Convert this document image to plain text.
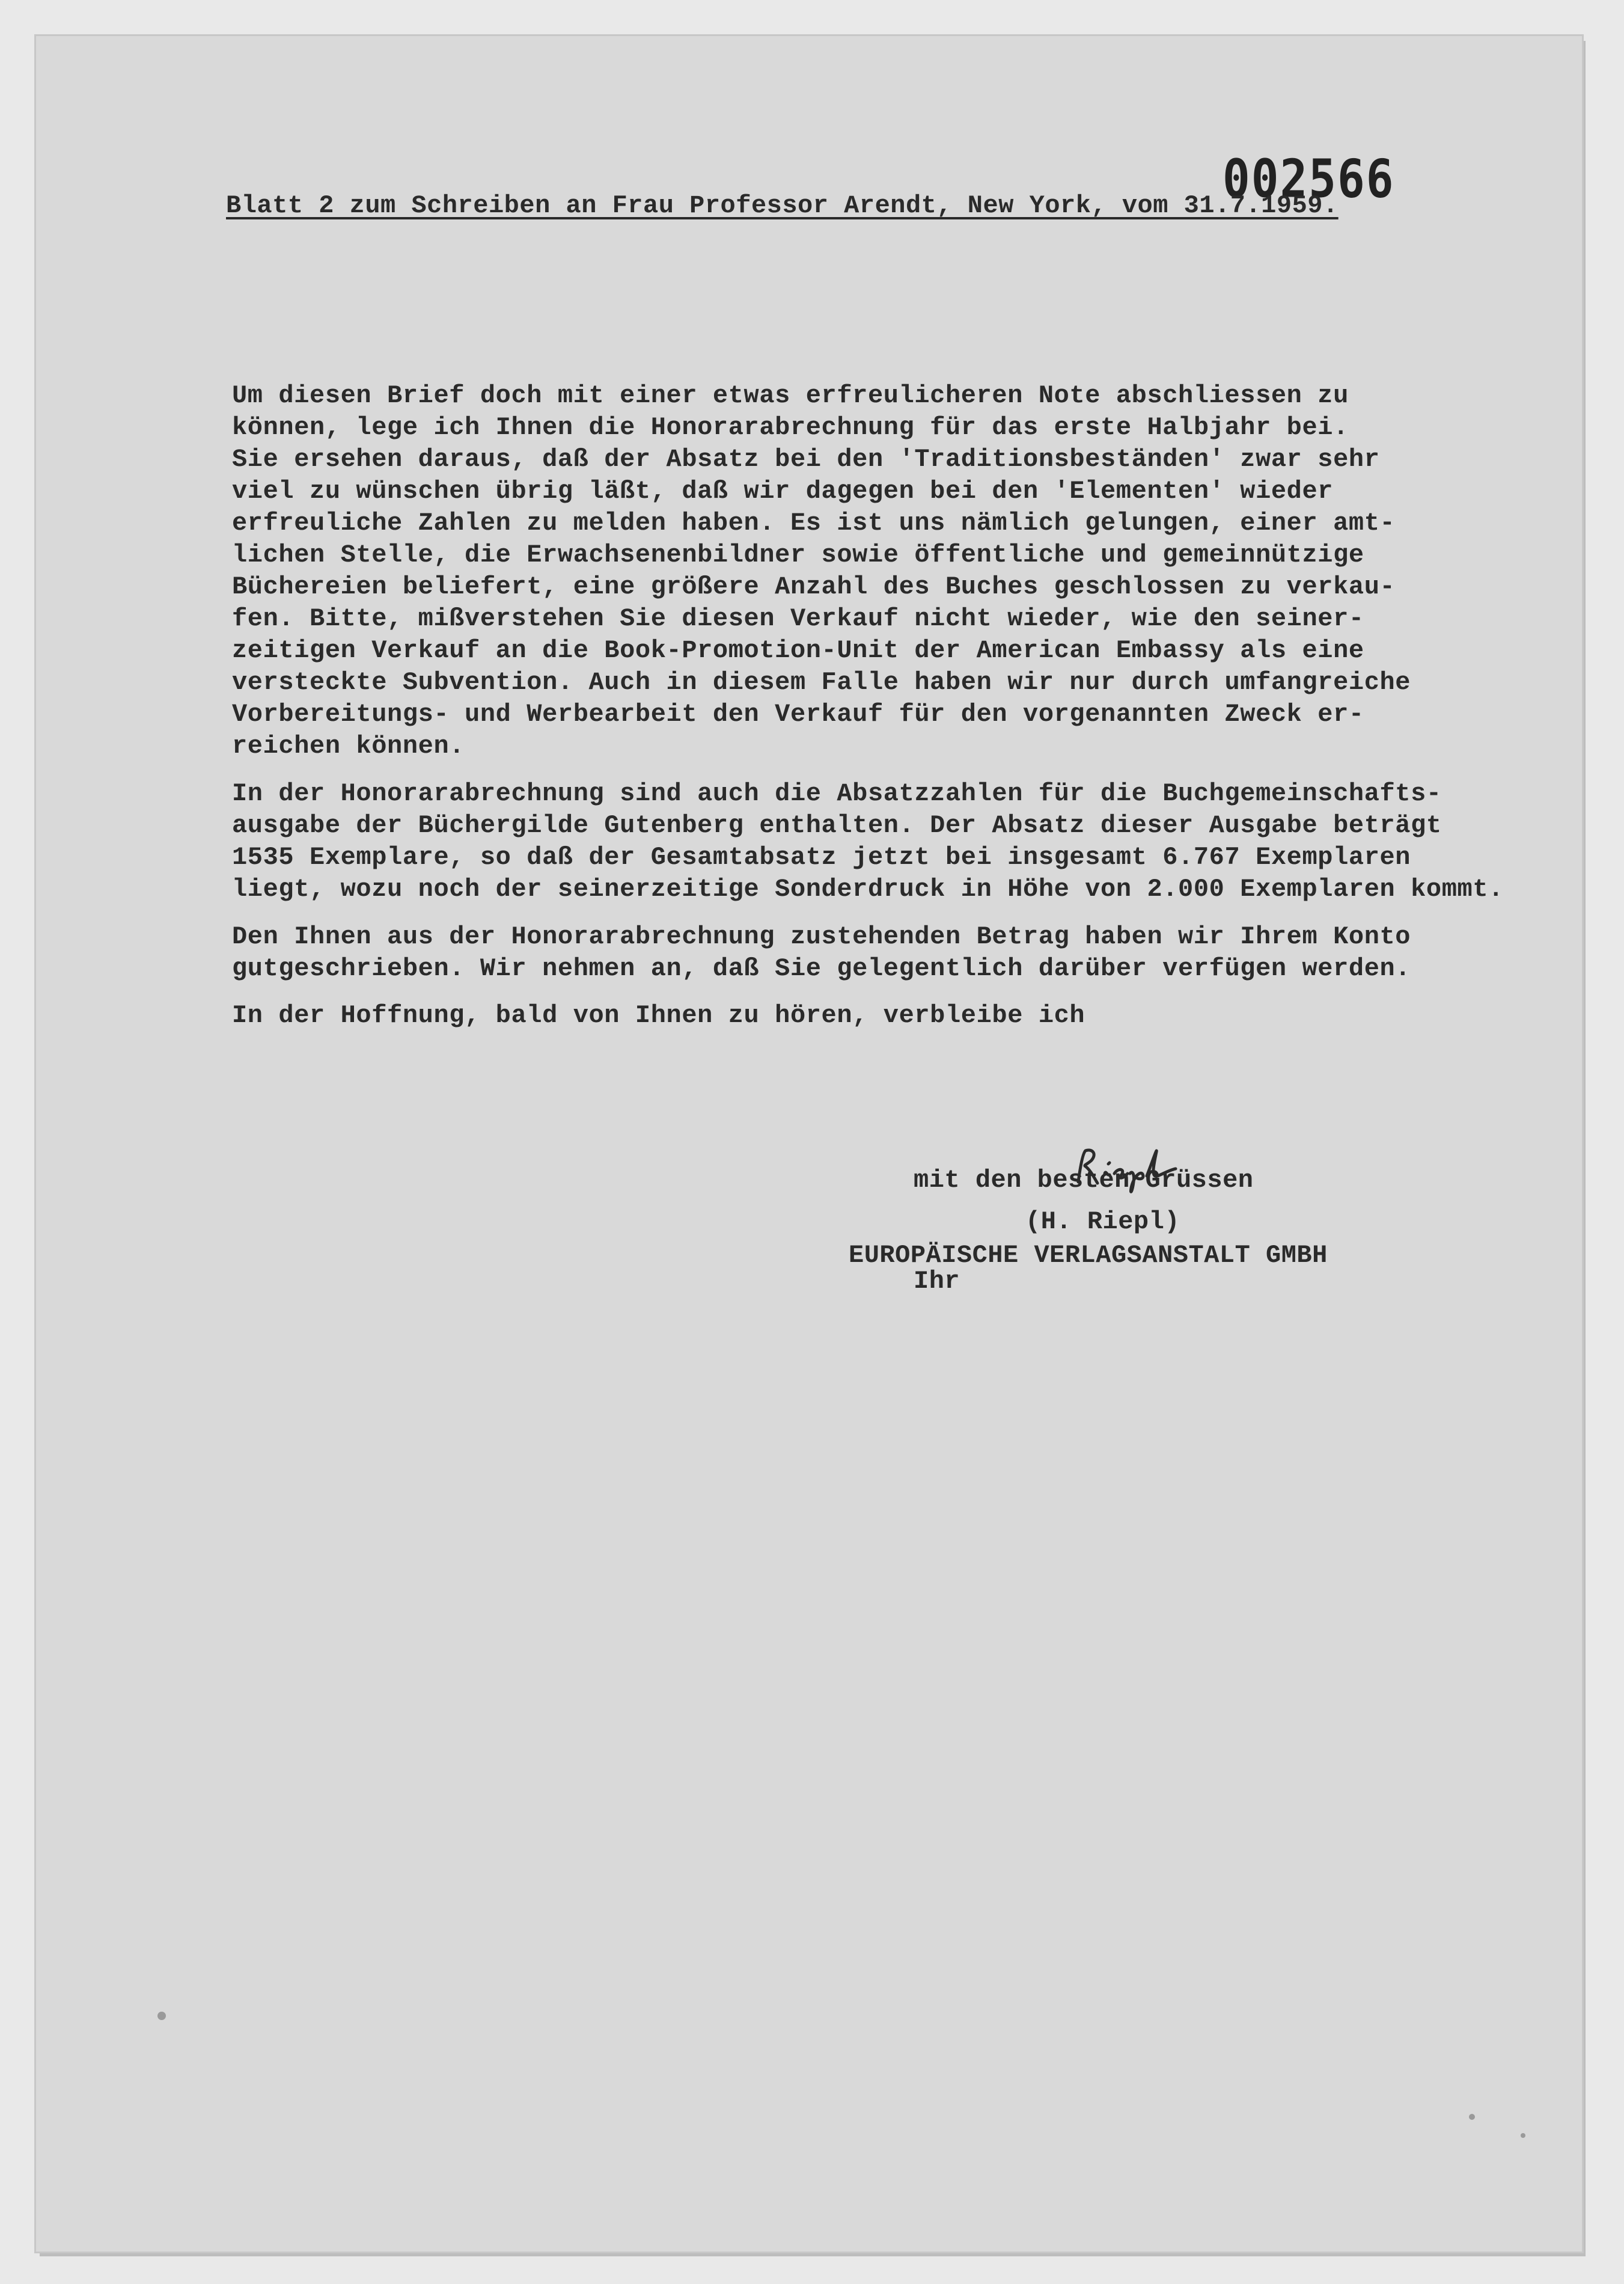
002566
Blatt 2 zum Schreiben an Frau Professor Arendt, New York, vom 31.7.1959.
Um diesen Brief doch mit einer etwas erfreulicheren Note abschliessen zu
können, lege ich Ihnen die Honorarabrechnung für das erste Halbjahr bei.
Sie ersehen daraus, daß der Absatz bei den 'Traditionsbeständen' zwar sehr
viel zu wünschen übrig läßt, daß wir dagegen bei den 'Elementen' wieder
erfreuliche Zahlen zu melden haben. Es ist uns nämlich gelungen, einer amt-
lichen Stelle, die Erwachsenenbildner sowie öffentliche und gemeinnützige
Büchereien beliefert, eine größere Anzahl des Buches geschlossen zu verkau-
fen. Bitte, mißverstehen Sie diesen Verkauf nicht wieder, wie den seiner-
zeitigen Verkauf an die Book-Promotion-Unit der American Embassy als eine
versteckte Subvention. Auch in diesem Falle haben wir nur durch umfangreiche
Vorbereitungs- und Werbearbeit den Verkauf für den vorgenannten Zweck er-
reichen können.
In der Honorarabrechnung sind auch die Absatzzahlen für die Buchgemeinschafts-
ausgabe der Büchergilde Gutenberg enthalten. Der Absatz dieser Ausgabe beträgt
1535 Exemplare, so daß der Gesamtabsatz jetzt bei insgesamt 6.767 Exemplaren
liegt, wozu noch der seinerzeitige Sonderdruck in Höhe von 2.000 Exemplaren kommt.
Den Ihnen aus der Honorarabrechnung zustehenden Betrag haben wir Ihrem Konto
gutgeschrieben. Wir nehmen an, daß Sie gelegentlich darüber verfügen werden.
In der Hoffnung, bald von Ihnen zu hören, verbleibe ich

mit den besten Grüssen

Ihr

(H. Riepl)
EUROPÄISCHE VERLAGSANSTALT GMBH
